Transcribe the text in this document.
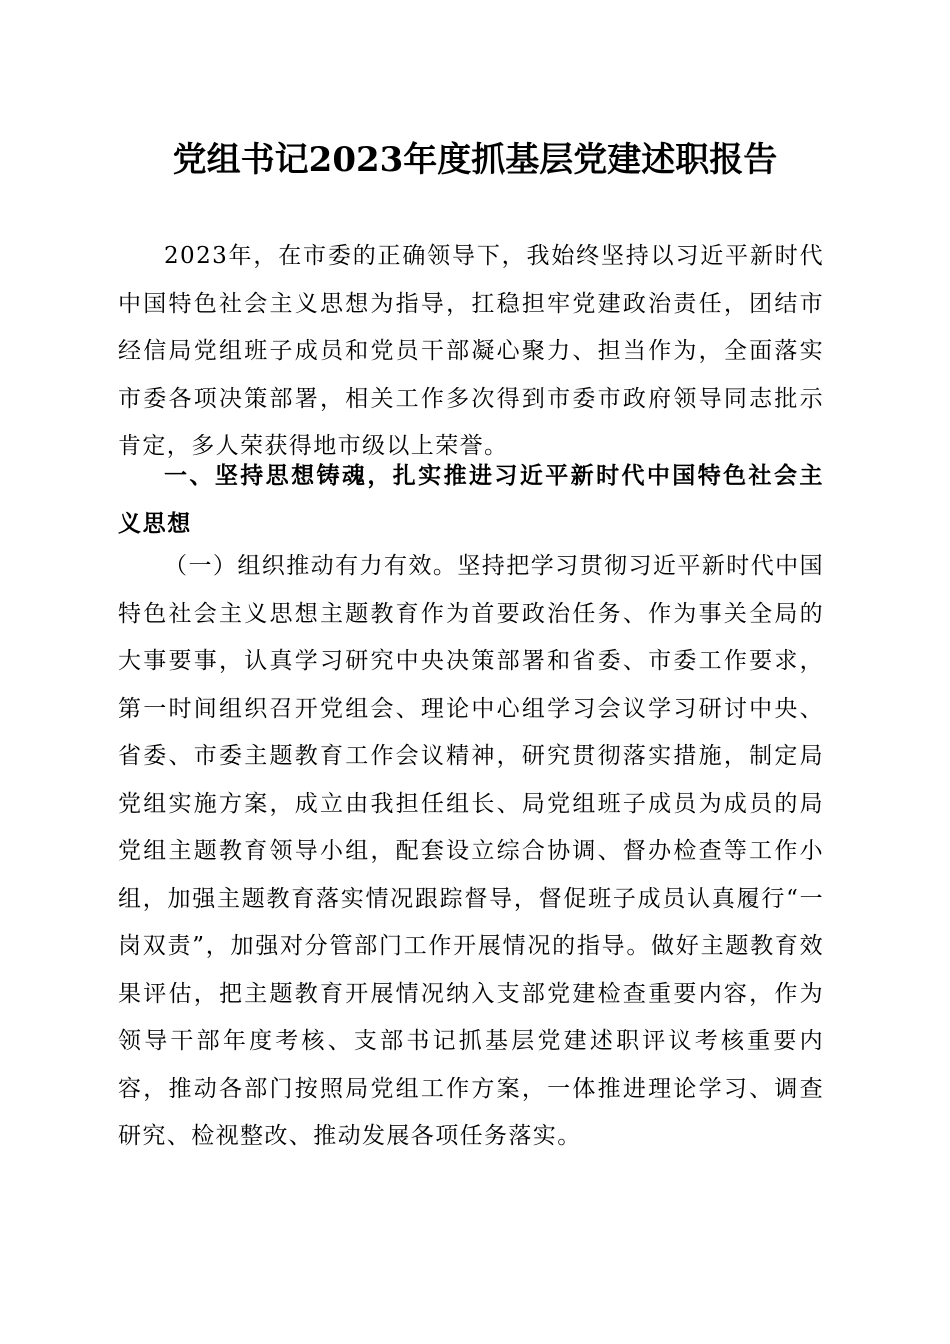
党组书记2023年度抓基层党建述职报告

2023年，在市委的正确领导下，我始终坚持以习近平新时代中国特色社会主义思想为指导，扛稳担牢党建政治责任，团结市经信局党组班子成员和党员干部凝心聚力、担当作为，全面落实市委各项决策部署，相关工作多次得到市委市政府领导同志批示肯定，多人荣获得地市级以上荣誉。

一、坚持思想铸魂，扎实推进习近平新时代中国特色社会主义思想

（一）组织推动有力有效。坚持把学习贯彻习近平新时代中国特色社会主义思想主题教育作为首要政治任务、作为事关全局的大事要事，认真学习研究中央决策部署和省委、市委工作要求，第一时间组织召开党组会、理论中心组学习会议学习研讨中央、省委、市委主题教育工作会议精神，研究贯彻落实措施，制定局党组实施方案，成立由我担任组长、局党组班子成员为成员的局党组主题教育领导小组，配套设立综合协调、督办检查等工作小组，加强主题教育落实情况跟踪督导，督促班子成员认真履行“一岗双责”，加强对分管部门工作开展情况的指导。做好主题教育效果评估，把主题教育开展情况纳入支部党建检查重要内容，作为领导干部年度考核、支部书记抓基层党建述职评议考核重要内容，推动各部门按照局党组工作方案，一体推进理论学习、调查研究、检视整改、推动发展各项任务落实。
